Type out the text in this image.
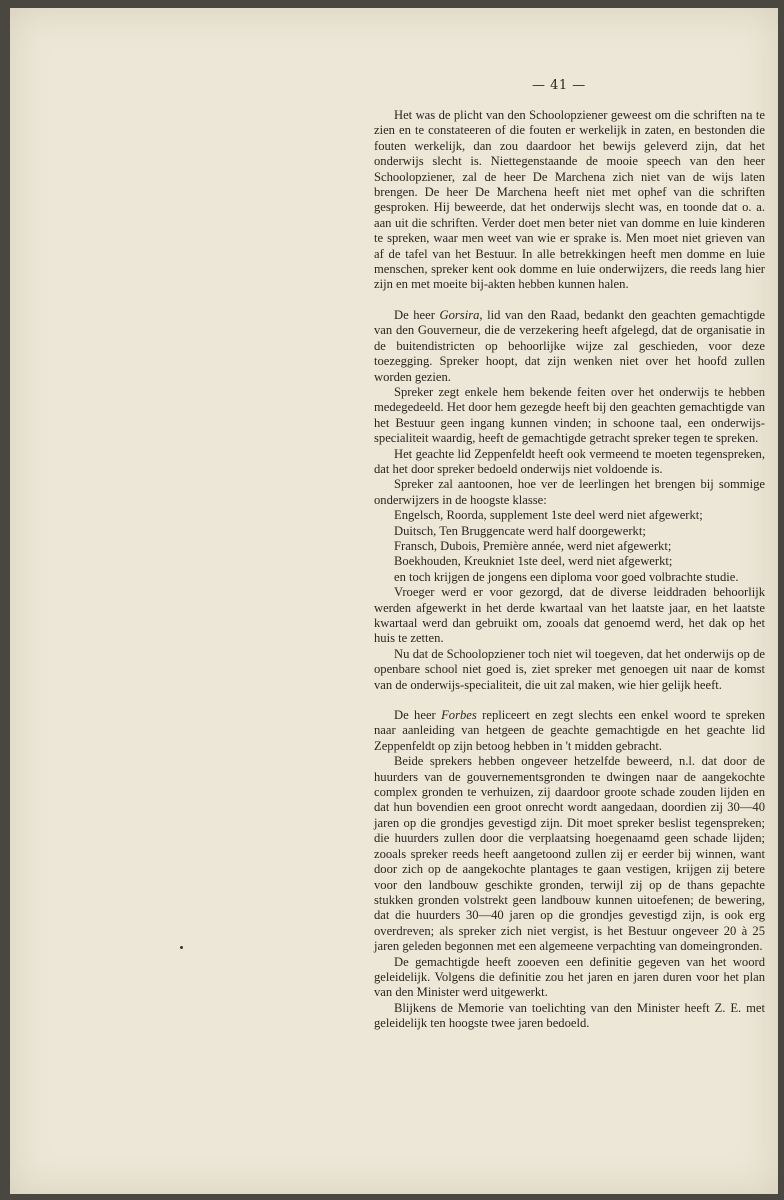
— 41 —

Het was de plicht van den Schoolopziener geweest om die schriften na te zien en te constateeren of die fouten er werkelijk in zaten, en bestonden die fouten werkelijk, dan zou daardoor het bewijs geleverd zijn, dat het onderwijs slecht is. Niettegenstaande de mooie speech van den heer Schoolopziener, zal de heer De Marchena zich niet van de wijs laten brengen. De heer De Marchena heeft niet met ophef van die schriften gesproken. Hij beweerde, dat het onderwijs slecht was, en toonde dat o. a. aan uit die schriften. Verder doet men beter niet van domme en luie kinderen te spreken, waar men weet van wie er sprake is. Men moet niet grieven van af de tafel van het Bestuur. In alle betrekkingen heeft men domme en luie menschen, spreker kent ook domme en luie onderwijzers, die reeds lang hier zijn en met moeite bij-akten hebben kunnen halen.

De heer Gorsira, lid van den Raad, bedankt den geachten gemachtigde van den Gouverneur, die de verzekering heeft afgelegd, dat de organisatie in de buitendistricten op behoorlijke wijze zal geschieden, voor deze toezegging. Spreker hoopt, dat zijn wenken niet over het hoofd zullen worden gezien.

Spreker zegt enkele hem bekende feiten over het onderwijs te hebben medegedeeld. Het door hem gezegde heeft bij den geachten gemachtigde van het Bestuur geen ingang kunnen vinden; in schoone taal, een onderwijs-specialiteit waardig, heeft de gemachtigde getracht spreker tegen te spreken.

Het geachte lid Zeppenfeldt heeft ook vermeend te moeten tegenspreken, dat het door spreker bedoeld onderwijs niet voldoende is.

Spreker zal aantoonen, hoe ver de leerlingen het brengen bij sommige onderwijzers in de hoogste klasse:

Engelsch, Roorda, supplement 1ste deel werd niet afgewerkt;

Duitsch, Ten Bruggencate werd half doorgewerkt;

Fransch, Dubois, Première année, werd niet afgewerkt;

Boekhouden, Kreukniet 1ste deel, werd niet afgewerkt;

en toch krijgen de jongens een diploma voor goed volbrachte studie.

Vroeger werd er voor gezorgd, dat de diverse leiddraden behoorlijk werden afgewerkt in het derde kwartaal van het laatste jaar, en het laatste kwartaal werd dan gebruikt om, zooals dat genoemd werd, het dak op het huis te zetten.

Nu dat de Schoolopziener toch niet wil toegeven, dat het onderwijs op de openbare school niet goed is, ziet spreker met genoegen uit naar de komst van de onderwijs-specialiteit, die uit zal maken, wie hier gelijk heeft.

De heer Forbes repliceert en zegt slechts een enkel woord te spreken naar aanleiding van hetgeen de geachte gemachtigde en het geachte lid Zeppenfeldt op zijn betoog hebben in 't midden gebracht.

Beide sprekers hebben ongeveer hetzelfde beweerd, n.l. dat door de huurders van de gouvernementsgronden te dwingen naar de aangekochte complex gronden te verhuizen, zij daardoor groote schade zouden lijden en dat hun bovendien een groot onrecht wordt aangedaan, doordien zij 30—40 jaren op die grondjes gevestigd zijn. Dit moet spreker beslist tegenspreken; die huurders zullen door die verplaatsing hoegenaamd geen schade lijden; zooals spreker reeds heeft aangetoond zullen zij er eerder bij winnen, want door zich op de aangekochte plantages te gaan vestigen, krijgen zij betere voor den landbouw geschikte gronden, terwijl zij op de thans gepachte stukken gronden volstrekt geen landbouw kunnen uitoefenen; de bewering, dat die huurders 30—40 jaren op die grondjes gevestigd zijn, is ook erg overdreven; als spreker zich niet vergist, is het Bestuur ongeveer 20 à 25 jaren geleden begonnen met een algemeene verpachting van domeingronden.

De gemachtigde heeft zooeven een definitie gegeven van het woord geleidelijk. Volgens die definitie zou het jaren en jaren duren voor het plan van den Minister werd uitgewerkt.

Blijkens de Memorie van toelichting van den Minister heeft Z. E. met geleidelijk ten hoogste twee jaren bedoeld.
